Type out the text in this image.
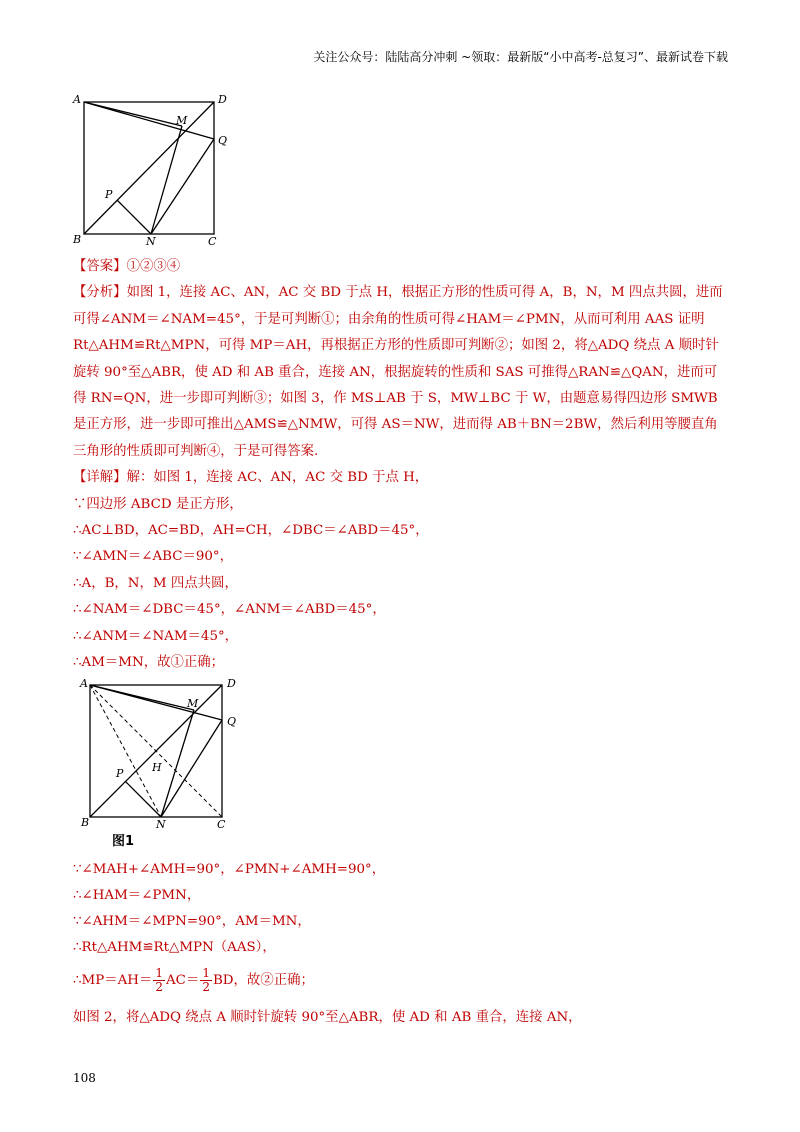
关注公众号：陆陆高分冲刺 ~领取：最新版“小中高考-总复习”、最新试卷下载
A	D
M
Q
P
B	N	C

【答案】①②③④

【分析】如图 1，连接 AC、AN，AC 交 BD 于点 H，根据正方形的性质可得 A，B，N，M 四点共圆，进而可得∠ANM＝∠NAM=45°，于是可判断①；由余角的性质可得∠HAM＝∠PMN，从而可利用 AAS 证明 Rt△AHM≌Rt△MPN，可得 MP＝AH，再根据正方形的性质即可判断②；如图 2，将△ADQ 绕点 A 顺时针旋转 90°至△ABR，使 AD 和 AB 重合，连接 AN，根据旋转的性质和 SAS 可推得△RAN≌△QAN，进而可得 RN=QN，进一步即可判断③；如图 3，作 MS⊥AB 于 S，MW⊥BC 于 W，由题意易得四边形 SMWB 是正方形，进一步即可推出△AMS≌△NMW，可得 AS＝NW，进而得 AB＋BN＝2BW，然后利用等腰直角三角形的性质即可判断④，于是可得答案.

【详解】解：如图 1，连接 AC、AN，AC 交 BD 于点 H，

∵四边形 ABCD 是正方形，

∴AC⊥BD，AC=BD，AH=CH，∠DBC＝∠ABD＝45°，

∵∠AMN＝∠ABC＝90°，

∴A，B，N，M 四点共圆，

∴∠NAM＝∠DBC＝45°，∠ANM＝∠ABD＝45°，

∴∠ANM＝∠NAM＝45°，

∴AM＝MN，故①正确；

A	D
M
Q
P	H
B	N	C
图1
∵∠MAH+∠AMH=90°，∠PMN+∠AMH=90°，
∴∠HAM＝∠PMN，
∵∠AHM＝∠MPN=90°，AM＝MN，
∴Rt△AHM≌Rt△MPN（AAS），
∴MP＝AH＝ $\frac{1}{2} AC= \frac{1}{2}$ BD，故②正确；
如图 2，将△ADQ 绕点 A 顺时针旋转 90°至△ABR，使 AD 和 AB 重合，连接 AN，
108
